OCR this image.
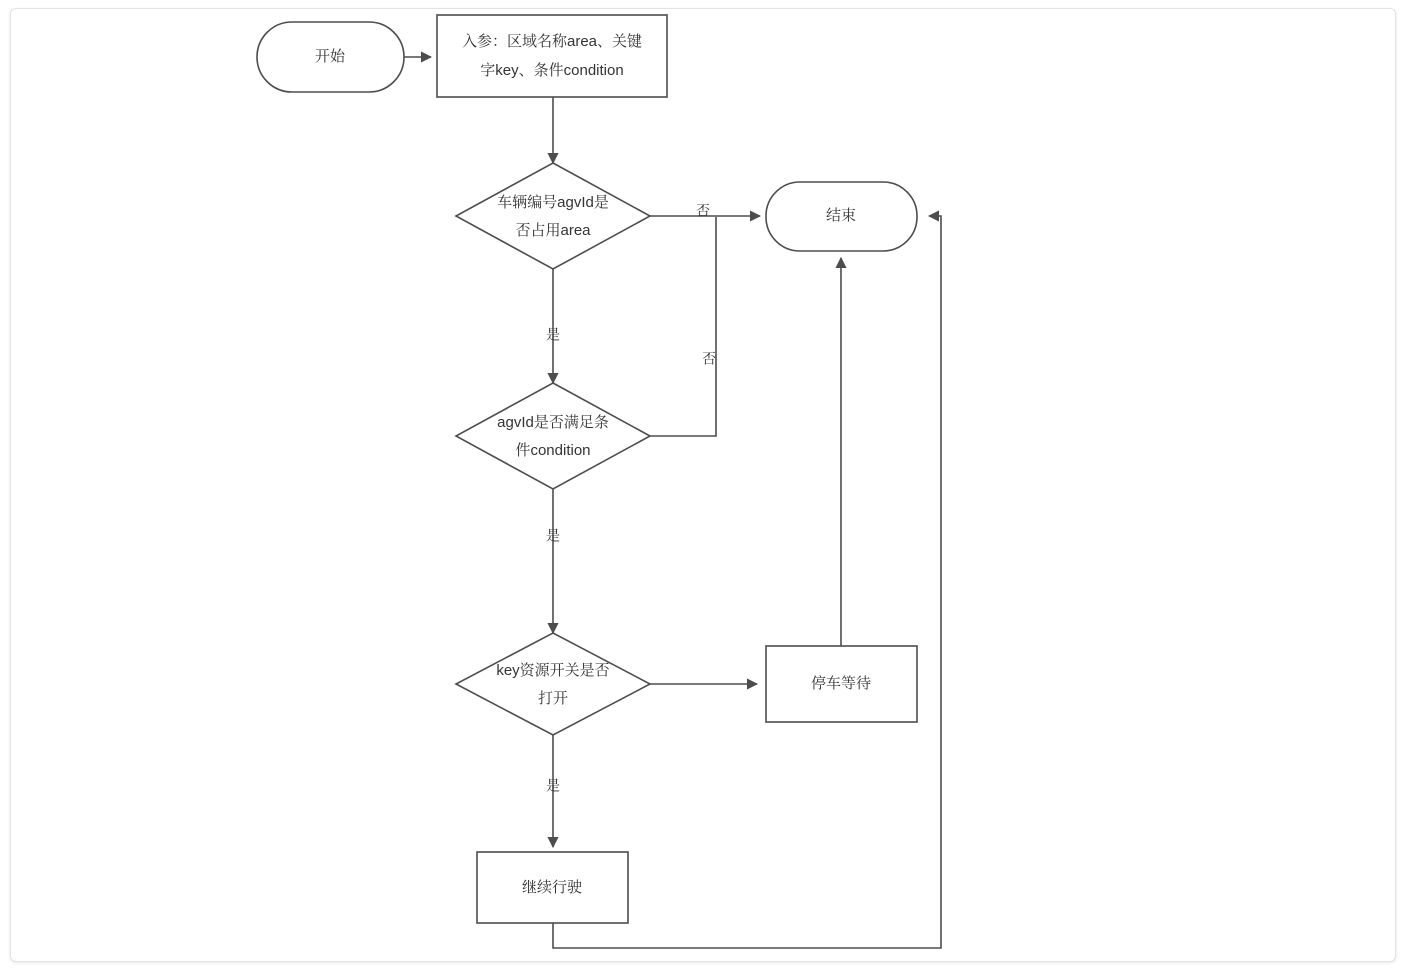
否
是
否
是
是
开始
入参：区域名称area、关键
字key、条件condition
车辆编号agvId是
否占用area
agvId是否满足条
件condition
key资源开关是否
打开
结束
停车等待
继续行驶
